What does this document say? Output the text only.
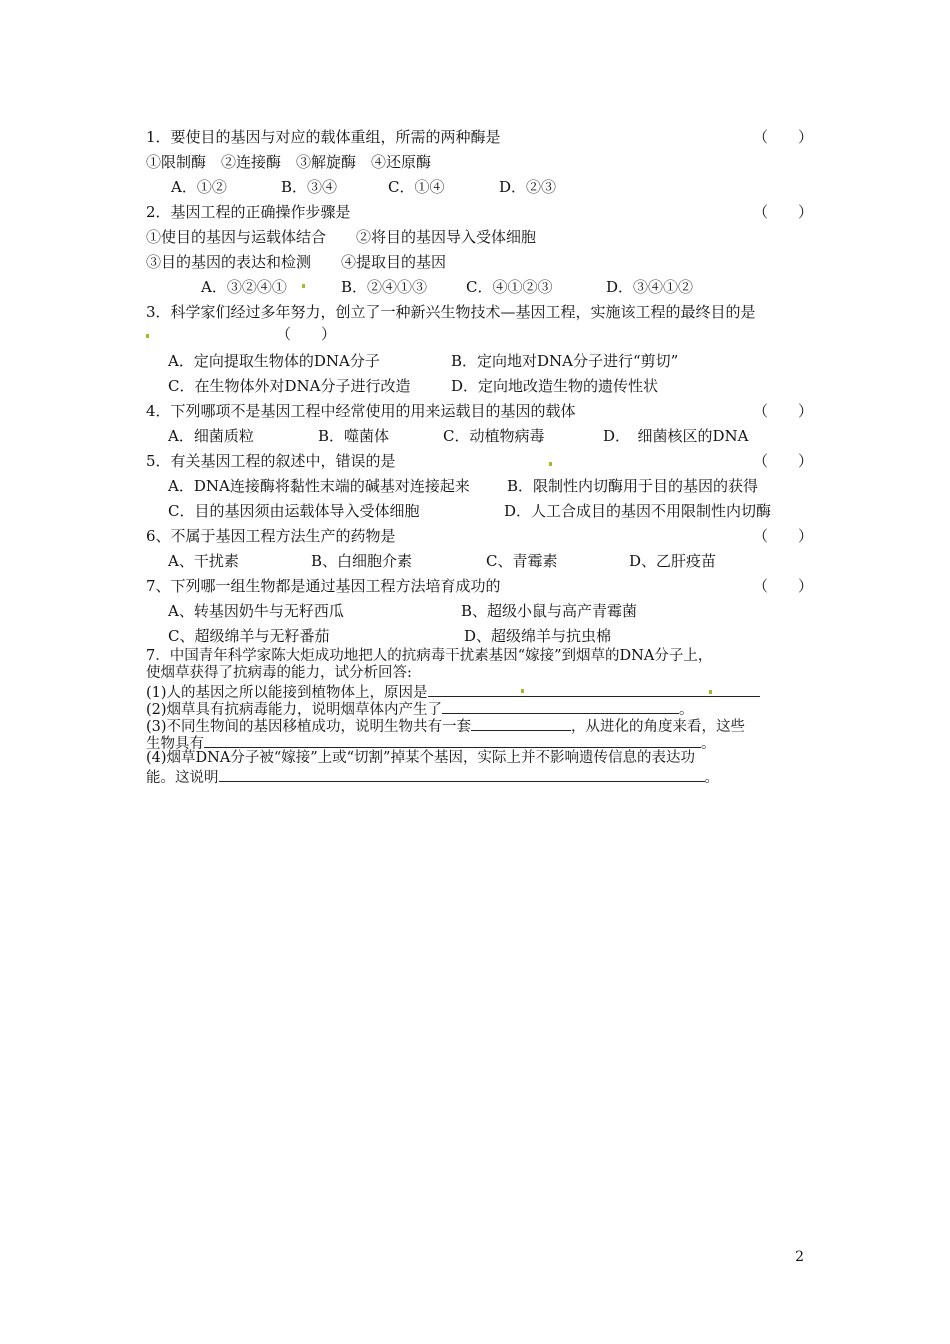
1．要使目的基因与对应的载体重组，所需的两种酶是	（　　）
①限制酶　②连接酶　③解旋酶　④还原酶
A．①②	B．③④	C．①④	D．②③
2．基因工程的正确操作步骤是	（　　）
①使目的基因与运载体结合　　②将目的基因导入受体细胞
③目的基因的表达和检测　　④提取目的基因
A．③②④①	B．②④①③	C．④①②③	D．③④①②
3．科学家们经过多年努力，创立了一种新兴生物技术—基因工程，实施该工程的最终目的是
（　　）
A．定向提取生物体的DNA分子	B．定向地对DNA分子进行“剪切”
C．在生物体外对DNA分子进行改造	D．定向地改造生物的遗传性状
4．下列哪项不是基因工程中经常使用的用来运载目的基因的载体	（　　）
A．细菌质粒	B．噬菌体	C．动植物病毒	D．　细菌核区的DNA
5．有关基因工程的叙述中，错误的是	（　　）
A．DNA连接酶将黏性末端的碱基对连接起来 B．限制性内切酶用于目的基因的获得
C．目的基因须由运载体导入受体细胞	D．人工合成目的基因不用限制性内切酶
6、不属于基因工程方法生产的药物是	（　　）
A、干扰素	B、白细胞介素	C、青霉素	D、乙肝疫苗
7、下列哪一组生物都是通过基因工程方法培育成功的	（　　）
A、转基因奶牛与无籽西瓜	B、超级小鼠与高产青霉菌
C、超级绵羊与无籽番茄	D、超级绵羊与抗虫棉
7．中国青年科学家陈大炬成功地把人的抗病毒干扰素基因“嫁接”到烟草的DNA分子上，
使烟草获得了抗病毒的能力，试分析回答:
(1)人的基因之所以能接到植物体上，原因是
(2)烟草具有抗病毒能力，说明烟草体内产生了	。
(3)不同生物间的基因移植成功，说明生物共有一套	，从进化的角度来看，这些
生物具有	。
(4)烟草DNA分子被“嫁接”上或“切割”掉某个基因，实际上并不影响遗传信息的表达功
能。这说明	。
2
